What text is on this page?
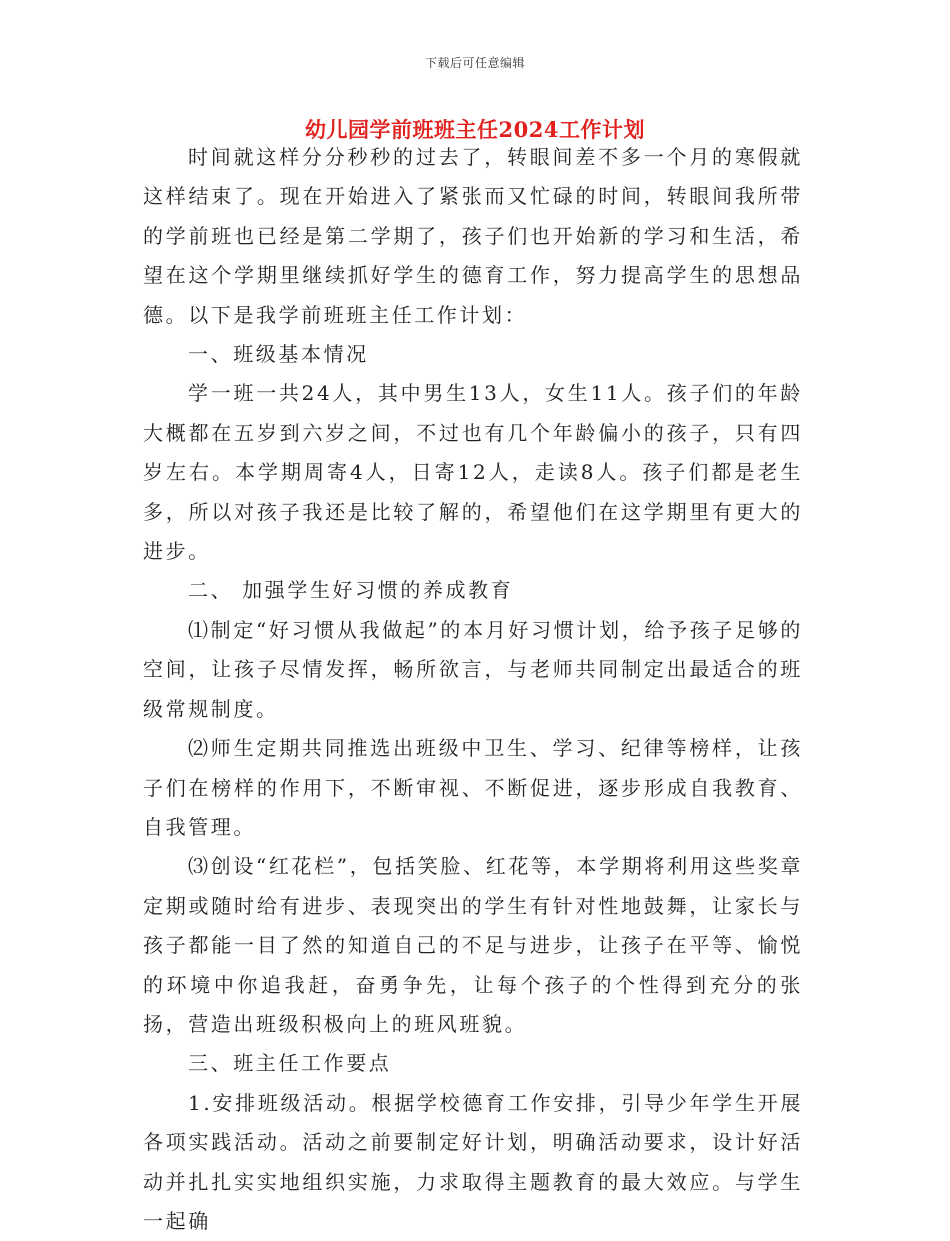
下载后可任意编辑
幼儿园学前班班主任2024工作计划

时间就这样分分秒秒的过去了，转眼间差不多一个月的寒假就这样结束了。现在开始进入了紧张而又忙碌的时间，转眼间我所带的学前班也已经是第二学期了，孩子们也开始新的学习和生活，希望在这个学期里继续抓好学生的德育工作，努力提高学生的思想品德。以下是我学前班班主任工作计划：

一、班级基本情况

学一班一共24人，其中男生13人，女生11人。孩子们的年龄大概都在五岁到六岁之间，不过也有几个年龄偏小的孩子，只有四岁左右。本学期周寄4人，日寄12人，走读8人。孩子们都是老生多，所以对孩子我还是比较了解的，希望他们在这学期里有更大的进步。

二、 加强学生好习惯的养成教育

⑴制定“好习惯从我做起”的本月好习惯计划，给予孩子足够的空间，让孩子尽情发挥，畅所欲言，与老师共同制定出最适合的班级常规制度。

⑵师生定期共同推选出班级中卫生、学习、纪律等榜样，让孩子们在榜样的作用下，不断审视、不断促进，逐步形成自我教育、自我管理。

⑶创设“红花栏”，包括笑脸、红花等，本学期将利用这些奖章定期或随时给有进步、表现突出的学生有针对性地鼓舞，让家长与孩子都能一目了然的知道自己的不足与进步，让孩子在平等、愉悦的环境中你追我赶，奋勇争先，让每个孩子的个性得到充分的张扬，营造出班级积极向上的班风班貌。

三、班主任工作要点

1.安排班级活动。根据学校德育工作安排，引导少年学生开展各项实践活动。活动之前要制定好计划，明确活动要求，设计好活动并扎扎实实地组织实施，力求取得主题教育的最大效应。与学生一起确
